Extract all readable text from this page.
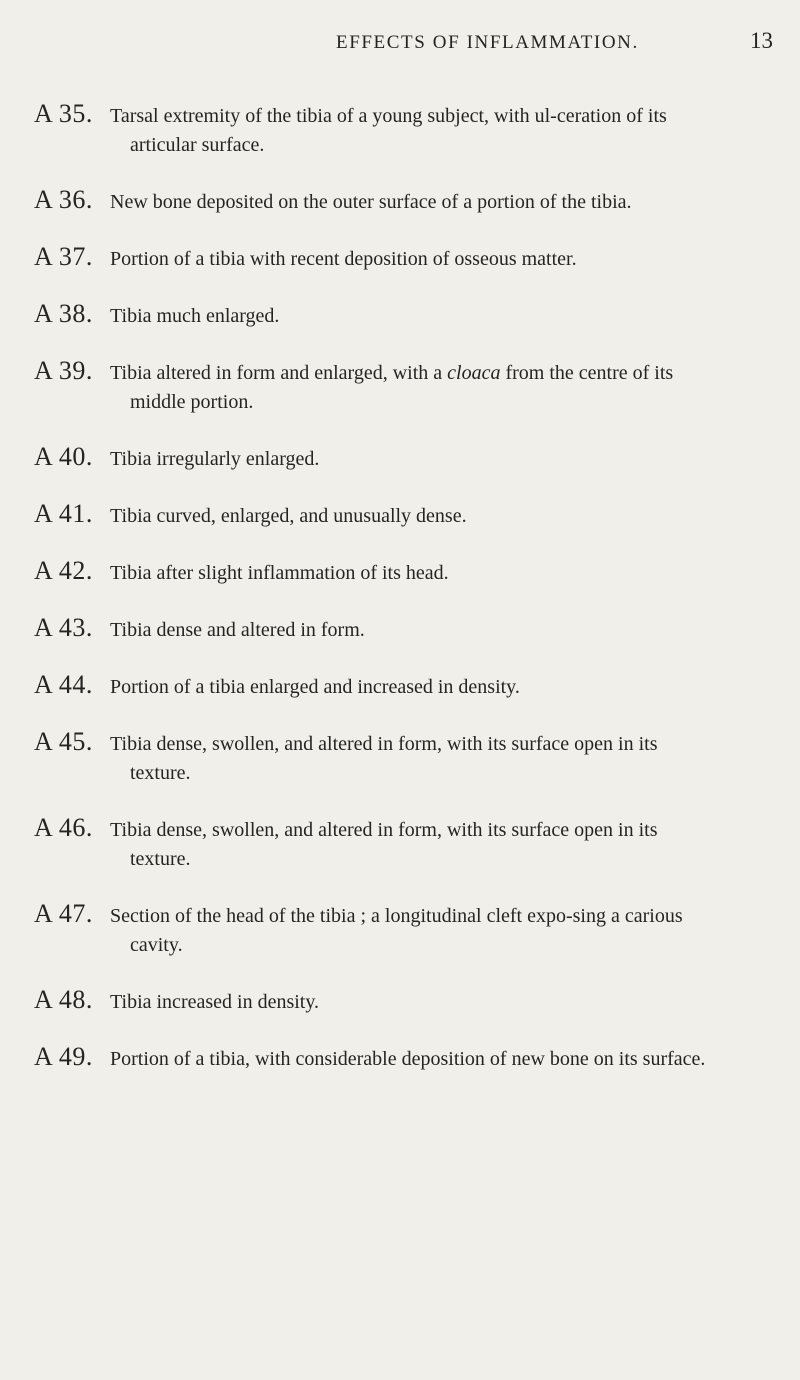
EFFECTS OF INFLAMMATION.	13
A 35. Tarsal extremity of the tibia of a young subject, with ul-ceration of its articular surface.
A 36. New bone deposited on the outer surface of a portion of the tibia.
A 37. Portion of a tibia with recent deposition of osseous matter.
A 38. Tibia much enlarged.
A 39. Tibia altered in form and enlarged, with a cloaca from the centre of its middle portion.
A 40. Tibia irregularly enlarged.
A 41. Tibia curved, enlarged, and unusually dense.
A 42. Tibia after slight inflammation of its head.
A 43. Tibia dense and altered in form.
A 44. Portion of a tibia enlarged and increased in density.
A 45. Tibia dense, swollen, and altered in form, with its surface open in its texture.
A 46. Tibia dense, swollen, and altered in form, with its surface open in its texture.
A 47. Section of the head of the tibia ; a longitudinal cleft expo-sing a carious cavity.
A 48. Tibia increased in density.
A 49. Portion of a tibia, with considerable deposition of new bone on its surface.
